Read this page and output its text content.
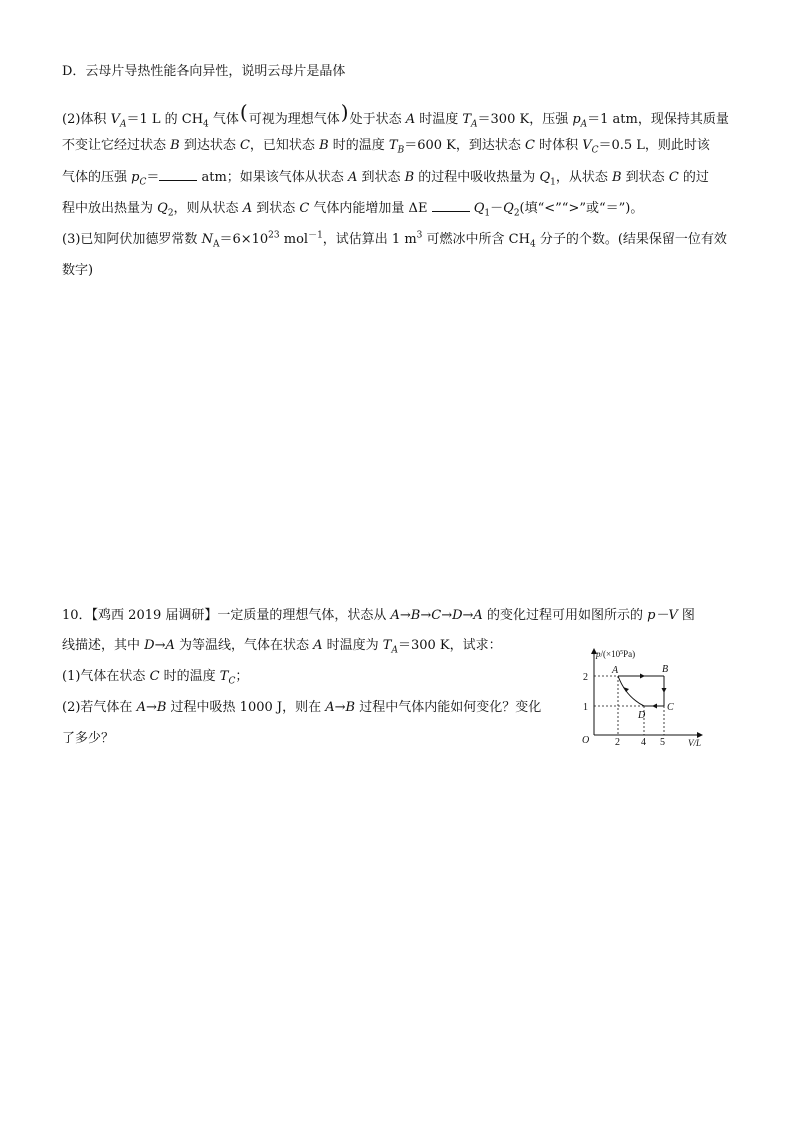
D．云母片导热性能各向异性，说明云母片是晶体
(2)体积 $V_A=1$ L 的 $CH_4$ 气体(可视为理想气体)处于状态 A 时温度 $T_A=300$ K，压强 $p_A=1$ atm，现保持其质量
不变让它经过状态 B 到达状态 C，已知状态 B 时的温度 $T_B=600$ K，到达状态 C 时体积 $V_C=0.5$ L，则此时该
气体的压强 $p_C=$	atm；如果该气体从状态 A 到状态 B 的过程中吸收热量为 $Q_1$，从状态 B 到状态 C 的过
程中放出热量为 $Q_2$，则从状态 A 到状态 C 气体内能增加量 ΔE	$Q_1-Q_2$(填“<”“>”或“＝”)。
(3)已知阿伏加德罗常数 $N_A=6\times 10^{23}$ mol$^{-1}$，试估算出 1 $m^3$ 可燃冰中所含 $CH_4$ 分子的个数。(结果保留一位有效
数字)
10．【鸡西 2019 届调研】一定质量的理想气体，状态从 A→B→C→D→A 的变化过程可用如图所示的 p－V 图
线描述，其中 D→A 为等温线，气体在状态 A 时温度为 $T_A=300$ K，试求：
(1)气体在状态 C 时的温度 $T_C$；
(2)若气体在 A→B 过程中吸热 1000 J，则在 A→B 过程中气体内能如何变化？变化
了多少？
$p/(\times 10^5Pa)$
V/L
O
2
1
2 4 5
A	B
C
D
